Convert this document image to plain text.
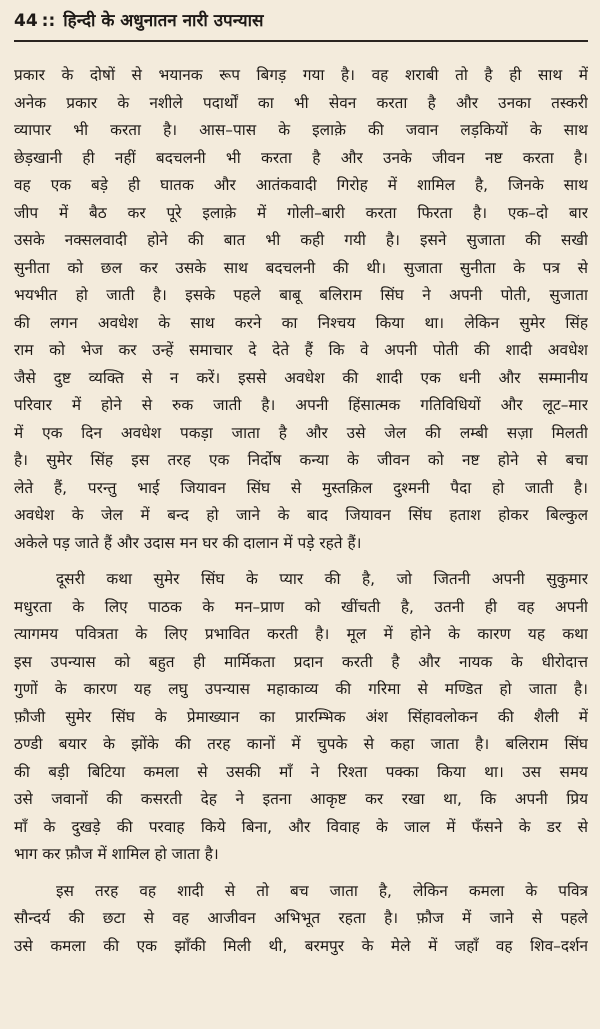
44 :: हिन्दी के अधुनातन नारी उपन्यास
प्रकार के दोषों से भयानक रूप बिगड़ गया है। वह शराबी तो है ही साथ में
अनेक प्रकार के नशीले पदार्थों का भी सेवन करता है और उनका तस्करी
व्यापार भी करता है। आस–पास के इलाक़े की जवान लड़कियों के साथ
छेड़खानी ही नहीं बदचलनी भी करता है और उनके जीवन नष्ट करता है।
वह एक बड़े ही घातक और आतंकवादी गिरोह में शामिल है, जिनके साथ
जीप में बैठ कर पूरे इलाक़े में गोली–बारी करता फिरता है। एक–दो बार
उसके नक्सलवादी होने की बात भी कही गयी है। इसने सुजाता की सखी
सुनीता को छल कर उसके साथ बदचलनी की थी। सुजाता सुनीता के पत्र से
भयभीत हो जाती है। इसके पहले बाबू बलिराम सिंघ ने अपनी पोती, सुजाता
की लगन अवधेश के साथ करने का निश्चय किया था। लेकिन सुमेर सिंह
राम को भेज कर उन्हें समाचार दे देते हैं कि वे अपनी पोती की शादी अवधेश
जैसे दुष्ट व्यक्ति से न करें। इससे अवधेश की शादी एक धनी और सम्मानीय
परिवार में होने से रुक जाती है। अपनी हिंसात्मक गतिविधियों और लूट–मार
में एक दिन अवधेश पकड़ा जाता है और उसे जेल की लम्बी सज़ा मिलती
है। सुमेर सिंह इस तरह एक निर्दोष कन्या के जीवन को नष्ट होने से बचा
लेते हैं, परन्तु भाई जियावन सिंघ से मुस्तक़िल दुश्मनी पैदा हो जाती है।
अवधेश के जेल में बन्द हो जाने के बाद जियावन सिंघ हताश होकर बिल्कुल
अकेले पड़ जाते हैं और उदास मन घर की दालान में पड़े रहते हैं।
दूसरी कथा सुमेर सिंघ के प्यार की है, जो जितनी अपनी सुकुमार
मधुरता के लिए पाठक के मन–प्राण को खींचती है, उतनी ही वह अपनी
त्यागमय पवित्रता के लिए प्रभावित करती है। मूल में होने के कारण यह कथा
इस उपन्यास को बहुत ही मार्मिकता प्रदान करती है और नायक के धीरोदात्त
गुणों के कारण यह लघु उपन्यास महाकाव्य की गरिमा से मण्डित हो जाता है।
फ़ौजी सुमेर सिंघ के प्रेमाख्यान का प्रारम्भिक अंश सिंहावलोकन की शैली में
ठण्डी बयार के झोंके की तरह कानों में चुपके से कहा जाता है। बलिराम सिंघ
की बड़ी बिटिया कमला से उसकी माँ ने रिश्ता पक्का किया था। उस समय
उसे जवानों की कसरती देह ने इतना आकृष्ट कर रखा था, कि अपनी प्रिय
माँ के दुखड़े की परवाह किये बिना, और विवाह के जाल में फँसने के डर से
भाग कर फ़ौज में शामिल हो जाता है।
इस तरह वह शादी से तो बच जाता है, लेकिन कमला के पवित्र
सौन्दर्य की छटा से वह आजीवन अभिभूत रहता है। फ़ौज में जाने से पहले
उसे कमला की एक झाँकी मिली थी, बरमपुर के मेले में जहाँ वह शिव–दर्शन
